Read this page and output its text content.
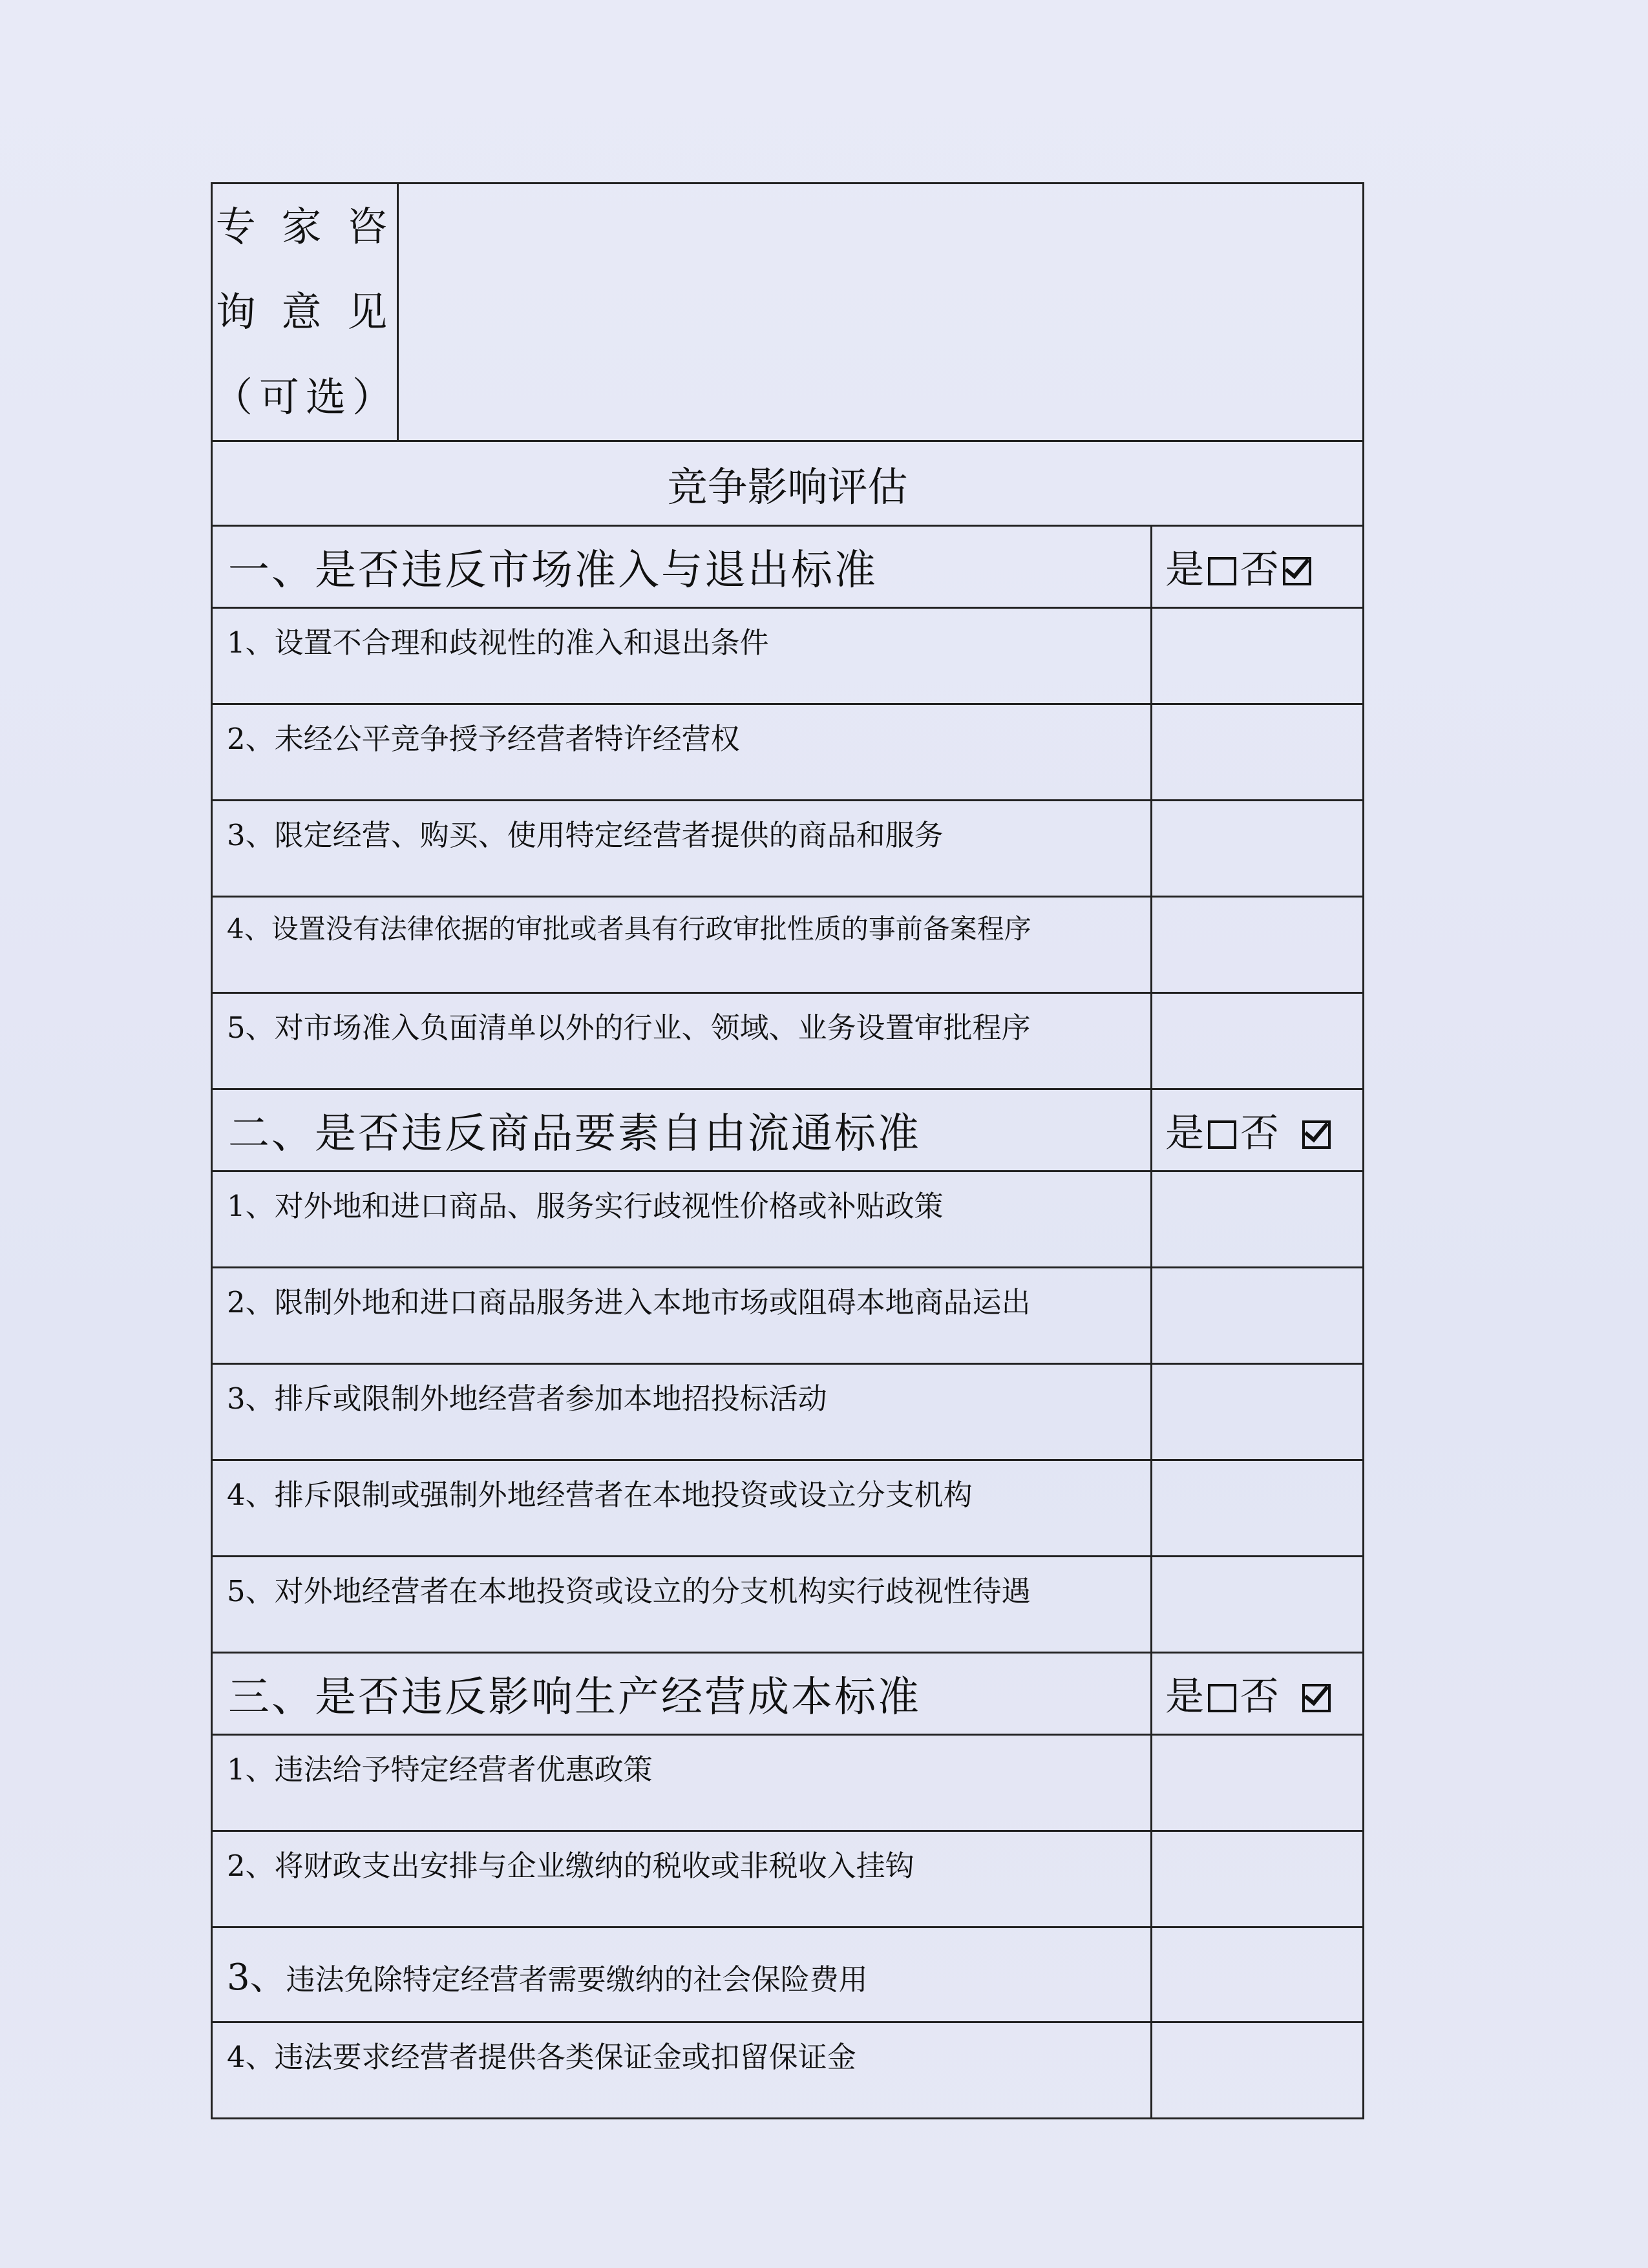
专 家 咨
询 意 见
（可选）		

竞争影响评估		
一、是否违反市场准入与退出标准		是 否
1、设置不合理和歧视性的准入和退出条件		
2、未经公平竞争授予经营者特许经营权		
3、限定经营、购买、使用特定经营者提供的商品和服务		
4、设置没有法律依据的审批或者具有行政审批性质的事前备案程序		
5、对市场准入负面清单以外的行业、领域、业务设置审批程序		
二、是否违反商品要素自由流通标准		是 否
1、对外地和进口商品、服务实行歧视性价格或补贴政策		
2、限制外地和进口商品服务进入本地市场或阻碍本地商品运出		
3、排斥或限制外地经营者参加本地招投标活动		
4、排斥限制或强制外地经营者在本地投资或设立分支机构		
5、对外地经营者在本地投资或设立的分支机构实行歧视性待遇		
三、是否违反影响生产经营成本标准		是 否
1、违法给予特定经营者优惠政策		
2、将财政支出安排与企业缴纳的税收或非税收入挂钩		
3、违法免除特定经营者需要缴纳的社会保险费用		
4、违法要求经营者提供各类保证金或扣留保证金		
